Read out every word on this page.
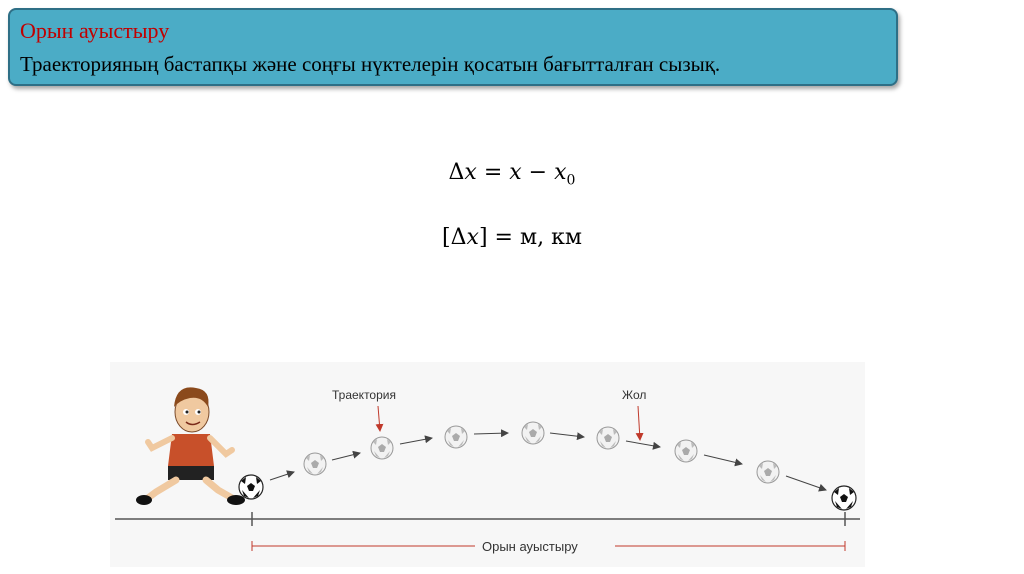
Орын ауыстыру
Траекторияның бастапқы және соңғы нүктелерін қосатын бағытталған сызық.
$\Delta x = x - x_0$
[Δx] = м, км
Траектория	Жол
Орын ауыстыру
